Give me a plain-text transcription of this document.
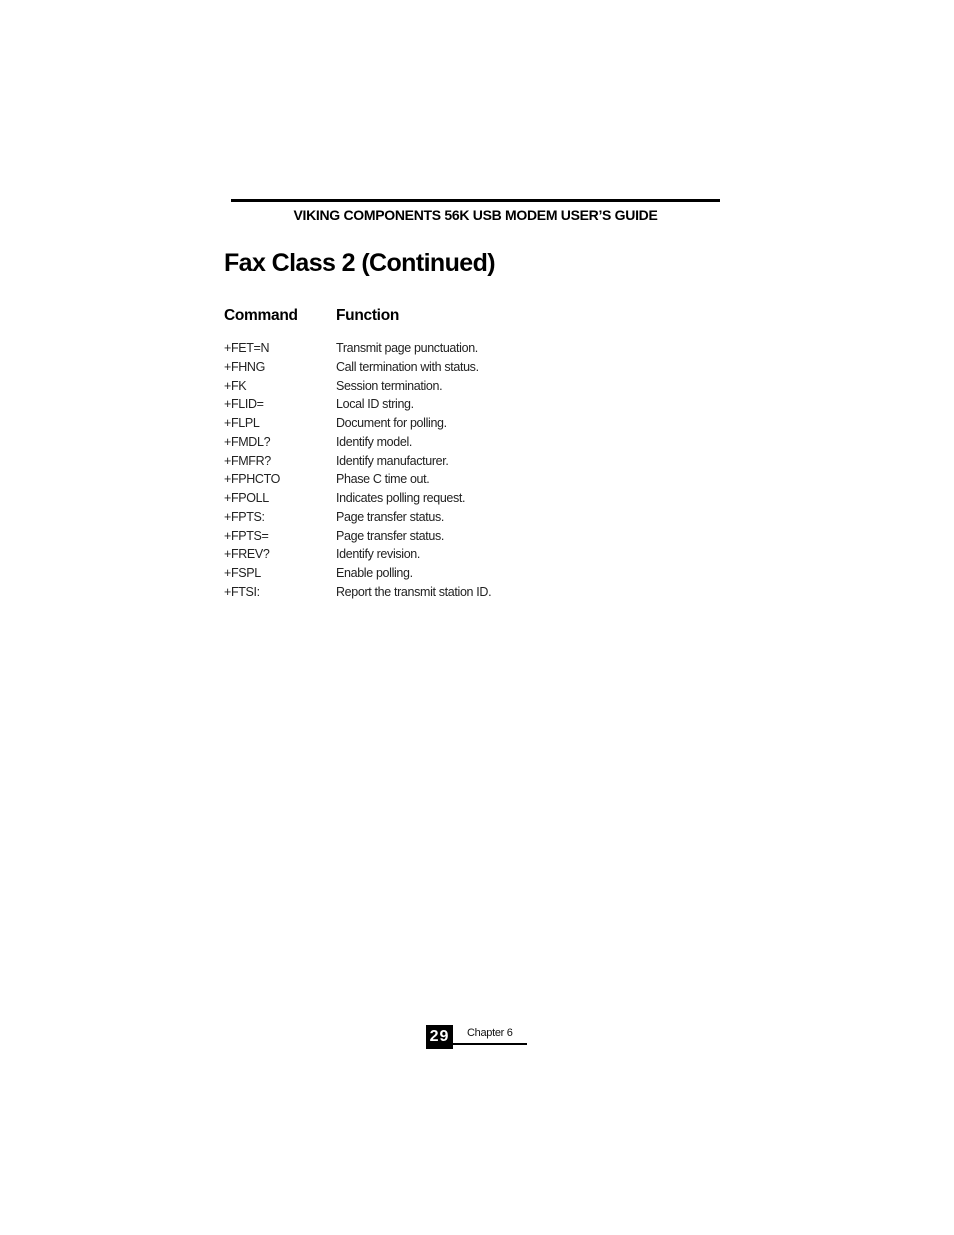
VIKING COMPONENTS 56K USB MODEM USER’S GUIDE
Fax Class 2 (Continued)
Command Function
+FET=N	Transmit page punctuation.
+FHNG	Call termination with status.
+FK	Session termination.
+FLID=	Local ID string.
+FLPL	Document for polling.
+FMDL?	Identify model.
+FMFR?	Identify manufacturer.
+FPHCTO	Phase C time out.
+FPOLL	Indicates polling request.
+FPTS:	Page transfer status.
+FPTS=	Page transfer status.
+FREV?	Identify revision.
+FSPL	Enable polling.
+FTSI:	Report the transmit station ID.
29	Chapter 6
